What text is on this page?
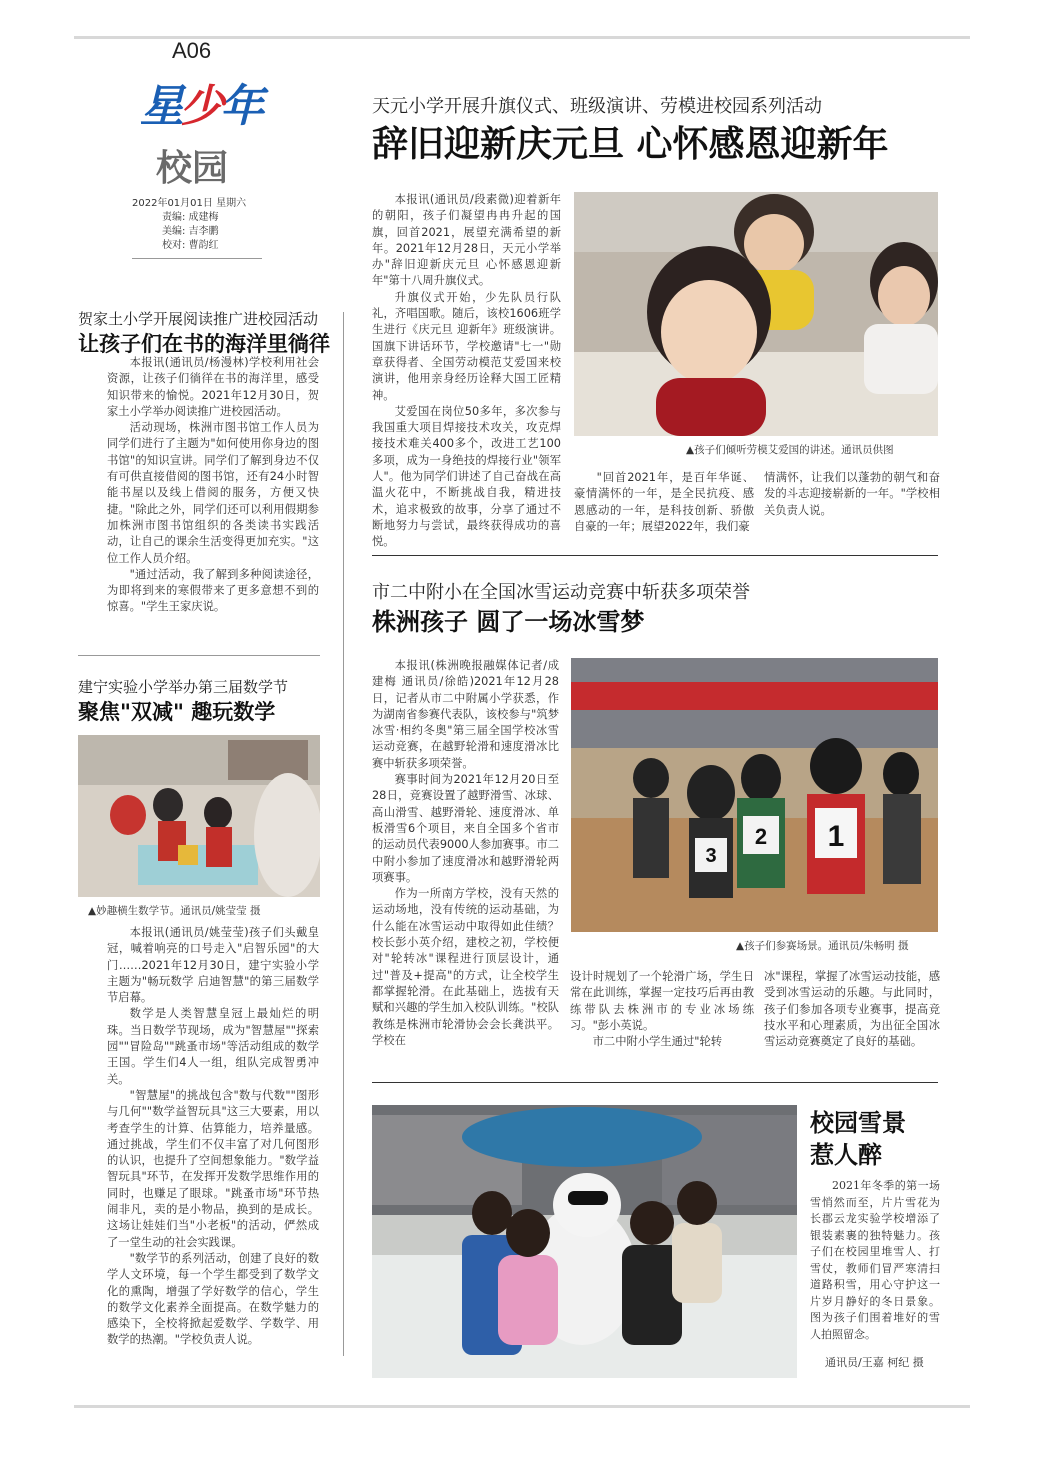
A06
星少年
校园
2022年01月01日 星期六
责编: 成建梅
美编: 吉李鹏
校对: 曹韵红
天元小学开展升旗仪式、班级演讲、劳模进校园系列活动
辞旧迎新庆元旦 心怀感恩迎新年

本报讯(通讯员/段素微)迎着新年的朝阳，孩子们凝望冉冉升起的国旗，回首2021，展望充满希望的新年。2021年12月28日，天元小学举办"辞旧迎新庆元旦 心怀感恩迎新年"第十八周升旗仪式。

升旗仪式开始，少先队员行队礼，齐唱国歌。随后，该校1606班学生进行《庆元旦 迎新年》班级演讲。国旗下讲话环节，学校邀请"七一"勋章获得者、全国劳动模范艾爱国来校演讲，他用亲身经历诠释大国工匠精神。

艾爱国在岗位50多年，多次参与我国重大项目焊接技术攻关，攻克焊接技术难关400多个，改进工艺100多项，成为一身绝技的焊接行业"领军人"。他为同学们讲述了自己奋战在高温火花中，不断挑战自我，精进技术，追求极致的故事，分享了通过不断地努力与尝试，最终获得成功的喜悦。

▲孩子们倾听劳模艾爱国的讲述。通讯员供图

"回首2021年，是百年华诞、豪情满怀的一年，是全民抗疫、感恩感动的一年，是科技创新、骄傲自豪的一年；展望2022年，我们豪

情满怀，让我们以蓬勃的朝气和奋发的斗志迎接崭新的一年。"学校相关负责人说。

贺家土小学开展阅读推广进校园活动
让孩子们在书的海洋里徜徉

本报讯(通讯员/杨漫林)学校利用社会资源，让孩子们徜徉在书的海洋里，感受知识带来的愉悦。2021年12月30日，贺家土小学举办阅读推广进校园活动。

活动现场，株洲市图书馆工作人员为同学们进行了主题为"如何使用你身边的图书馆"的知识宣讲。同学们了解到身边不仅有可供直接借阅的图书馆，还有24小时智能书屋以及线上借阅的服务，方便又快捷。"除此之外，同学们还可以利用假期参加株洲市图书馆组织的各类读书实践活动，让自己的课余生活变得更加充实。"这位工作人员介绍。

"通过活动，我了解到多种阅读途径，为即将到来的寒假带来了更多意想不到的惊喜。"学生王家庆说。

建宁实验小学举办第三届数学节
聚焦"双减" 趣玩数学
▲妙趣横生数学节。通讯员/姚莹莹 摄

本报讯(通讯员/姚莹莹)孩子们头戴皇冠，喊着响亮的口号走入"启智乐园"的大门……2021年12月30日，建宁实验小学主题为"畅玩数学 启迪智慧"的第三届数学节启幕。

数学是人类智慧皇冠上最灿烂的明珠。当日数学节现场，成为"智慧屋""探索园""冒险岛""跳蚤市场"等活动组成的数学王国。学生们4人一组，组队完成智勇冲关。

"智慧屋"的挑战包含"数与代数""图形与几何""数学益智玩具"这三大要素，用以考查学生的计算、估算能力，培养量感。通过挑战，学生们不仅丰富了对几何图形的认识，也提升了空间想象能力。"数学益智玩具"环节，在发挥开发数学思维作用的同时，也赚足了眼球。"跳蚤市场"环节热闹非凡，卖的是小物品，换到的是成长。这场让娃娃们当"小老板"的活动，俨然成了一堂生动的社会实践课。

"数学节的系列活动，创建了良好的数学人文环境，每一个学生都受到了数学文化的熏陶，增强了学好数学的信心，学生的数学文化素养全面提高。在数学魅力的感染下，全校将掀起爱数学、学数学、用数学的热潮。"学校负责人说。

市二中附小在全国冰雪运动竞赛中斩获多项荣誉
株洲孩子 圆了一场冰雪梦

本报讯(株洲晚报融媒体记者/成建梅 通讯员/徐皓)2021年12月28日，记者从市二中附属小学获悉，作为湖南省参赛代表队，该校参与"筑梦冰雪·相约冬奥"第三届全国学校冰雪运动竞赛，在越野轮滑和速度滑冰比赛中斩获多项荣誉。

赛事时间为2021年12月20日至28日，竞赛设置了越野滑雪、冰球、高山滑雪、越野滑轮、速度滑冰、单板滑雪6个项目，来自全国多个省市的运动员代表9000人参加赛事。市二中附小参加了速度滑冰和越野滑轮两项赛事。

作为一所南方学校，没有天然的运动场地，没有传统的运动基础，为什么能在冰雪运动中取得如此佳绩？校长彭小英介绍，建校之初，学校便对"轮转冰"课程进行顶层设计，通过"普及+提高"的方式，让全校学生都掌握轮滑。在此基础上，选拔有天赋和兴趣的学生加入校队训练。"校队教练是株洲市轮滑协会会长龚洪平。学校在

3
2 1
▲孩子们参赛场景。通讯员/朱畅明 摄

设计时规划了一个轮滑广场，学生日常在此训练，掌握一定技巧后再由教练带队去株洲市的专业冰场练习。"彭小英说。

市二中附小学生通过"轮转

冰"课程，掌握了冰雪运动技能，感受到冰雪运动的乐趣。与此同时，孩子们参加各项专业赛事，提高竞技水平和心理素质，为出征全国冰雪运动竞赛奠定了良好的基础。

校园雪景
惹人醉

2021年冬季的第一场雪悄然而至，片片雪花为长郡云龙实验学校增添了银装素裹的独特魅力。孩子们在校园里堆雪人、打雪仗，教师们冒严寒清扫道路积雪，用心守护这一片岁月静好的冬日景象。图为孩子们围着堆好的雪人拍照留念。

通讯员/王嘉 柯纪 摄
